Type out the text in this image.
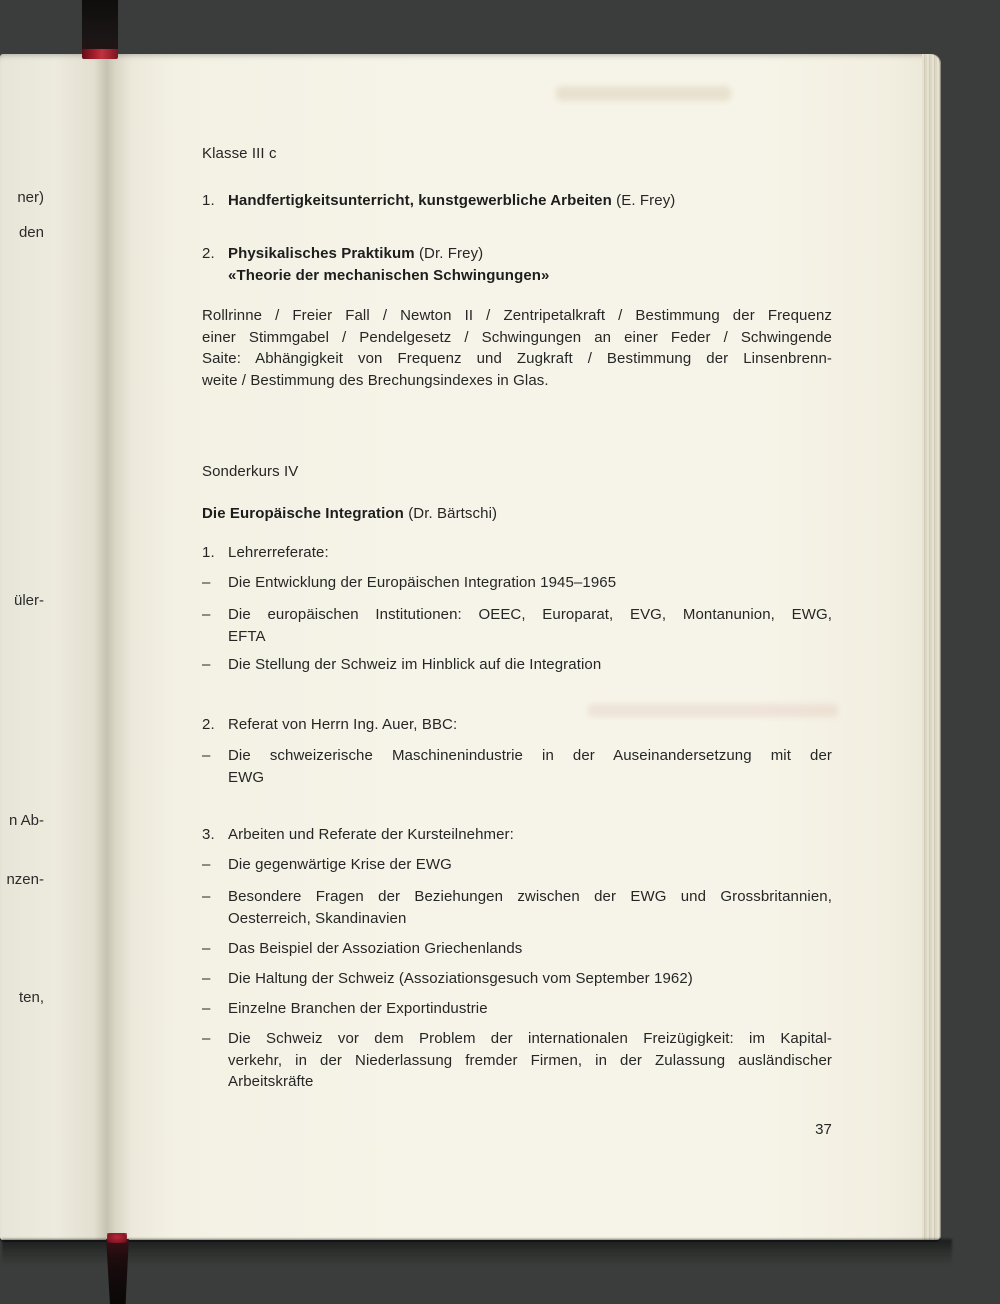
ner)
den
üler-
n Ab-
nzen-
ten,
Klasse III c
1. Handfertigkeitsunterricht, kunstgewerbliche Arbeiten (E. Frey)
2. Physikalisches Praktikum (Dr. Frey)
«Theorie der mechanischen Schwingungen»
Rollrinne / Freier Fall / Newton II / Zentripetalkraft / Bestimmung der Frequenz
einer Stimmgabel / Pendelgesetz / Schwingungen an einer Feder / Schwingende
Saite: Abhängigkeit von Frequenz und Zugkraft / Bestimmung der Linsenbrenn-
weite / Bestimmung des Brechungsindexes in Glas.
Sonderkurs IV
Die Europäische Integration (Dr. Bärtschi)
1. Lehrerreferate:
–	Die Entwicklung der Europäischen Integration 1945–1965
–	Die europäischen Institutionen: OEEC, Europarat, EVG, Montanunion, EWG,
EFTA
–	Die Stellung der Schweiz im Hinblick auf die Integration
2. Referat von Herrn Ing. Auer, BBC:
–	Die schweizerische Maschinenindustrie in der Auseinandersetzung mit der
EWG
3. Arbeiten und Referate der Kursteilnehmer:
–	Die gegenwärtige Krise der EWG
–	Besondere Fragen der Beziehungen zwischen der EWG und Grossbritannien,
Oesterreich, Skandinavien
–	Das Beispiel der Assoziation Griechenlands
–	Die Haltung der Schweiz (Assoziationsgesuch vom September 1962)
–	Einzelne Branchen der Exportindustrie
–	Die Schweiz vor dem Problem der internationalen Freizügigkeit: im Kapital-
verkehr, in der Niederlassung fremder Firmen, in der Zulassung ausländischer
Arbeitskräfte
37
